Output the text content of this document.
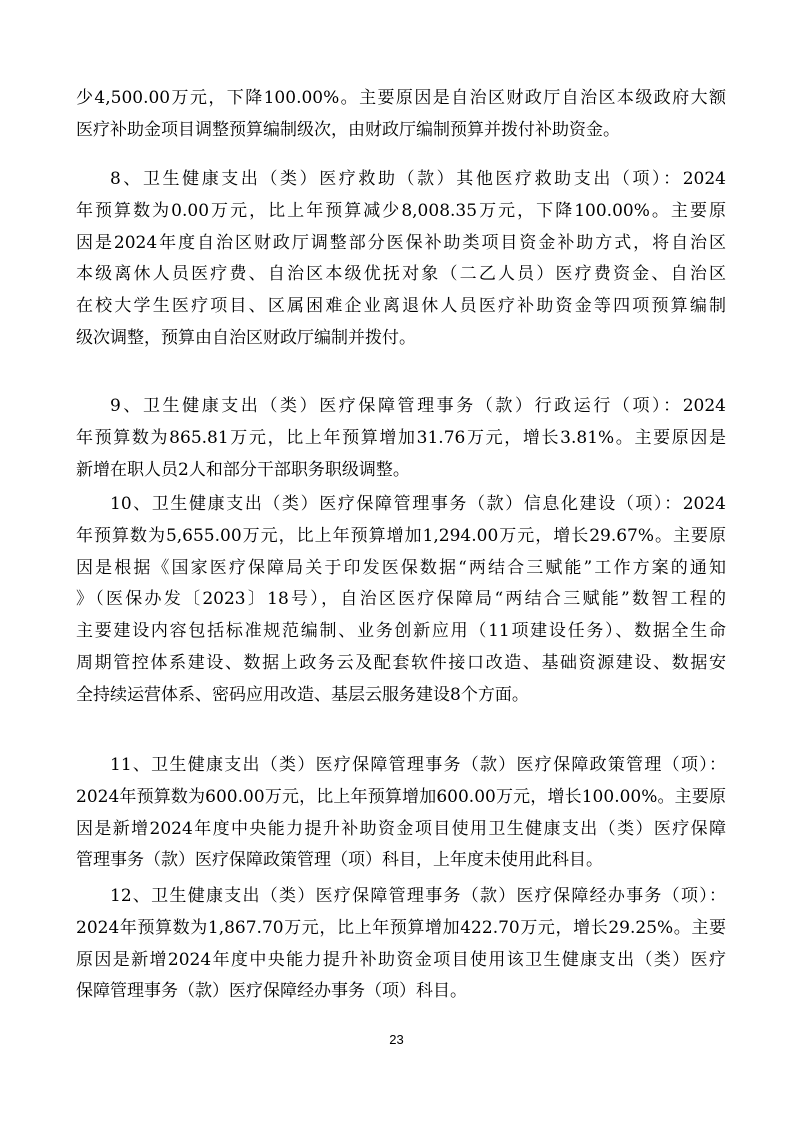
少4,500.00万元，下降100.00%。主要原因是自治区财政厅自治区本级政府大额
医疗补助金项目调整预算编制级次，由财政厅编制预算并拨付补助资金。
8、卫生健康支出（类）医疗救助（款）其他医疗救助支出（项）：2024
年预算数为0.00万元，比上年预算减少8,008.35万元，下降100.00%。主要原
因是2024年度自治区财政厅调整部分医保补助类项目资金补助方式，将自治区
本级离休人员医疗费、自治区本级优抚对象（二乙人员）医疗费资金、自治区
在校大学生医疗项目、区属困难企业离退休人员医疗补助资金等四项预算编制
级次调整，预算由自治区财政厅编制并拨付。
9、卫生健康支出（类）医疗保障管理事务（款）行政运行（项）：2024
年预算数为865.81万元，比上年预算增加31.76万元，增长3.81%。主要原因是
新增在职人员2人和部分干部职务职级调整。
10、卫生健康支出（类）医疗保障管理事务（款）信息化建设（项）：2024
年预算数为5,655.00万元，比上年预算增加1,294.00万元，增长29.67%。主要原
因是根据《国家医疗保障局关于印发医保数据“两结合三赋能”工作方案的通知
》（医保办发〔2023〕18号），自治区医疗保障局“两结合三赋能”数智工程的
主要建设内容包括标准规范编制、业务创新应用（11项建设任务）、数据全生命
周期管控体系建设、数据上政务云及配套软件接口改造、基础资源建设、数据安
全持续运营体系、密码应用改造、基层云服务建设8个方面。
11、卫生健康支出（类）医疗保障管理事务（款）医疗保障政策管理（项）：
2024年预算数为600.00万元，比上年预算增加600.00万元，增长100.00%。主要原
因是新增2024年度中央能力提升补助资金项目使用卫生健康支出（类）医疗保障
管理事务（款）医疗保障政策管理（项）科目，上年度未使用此科目。
12、卫生健康支出（类）医疗保障管理事务（款）医疗保障经办事务（项）：
2024年预算数为1,867.70万元，比上年预算增加422.70万元，增长29.25%。主要
原因是新增2024年度中央能力提升补助资金项目使用该卫生健康支出（类）医疗
保障管理事务（款）医疗保障经办事务（项）科目。
23
